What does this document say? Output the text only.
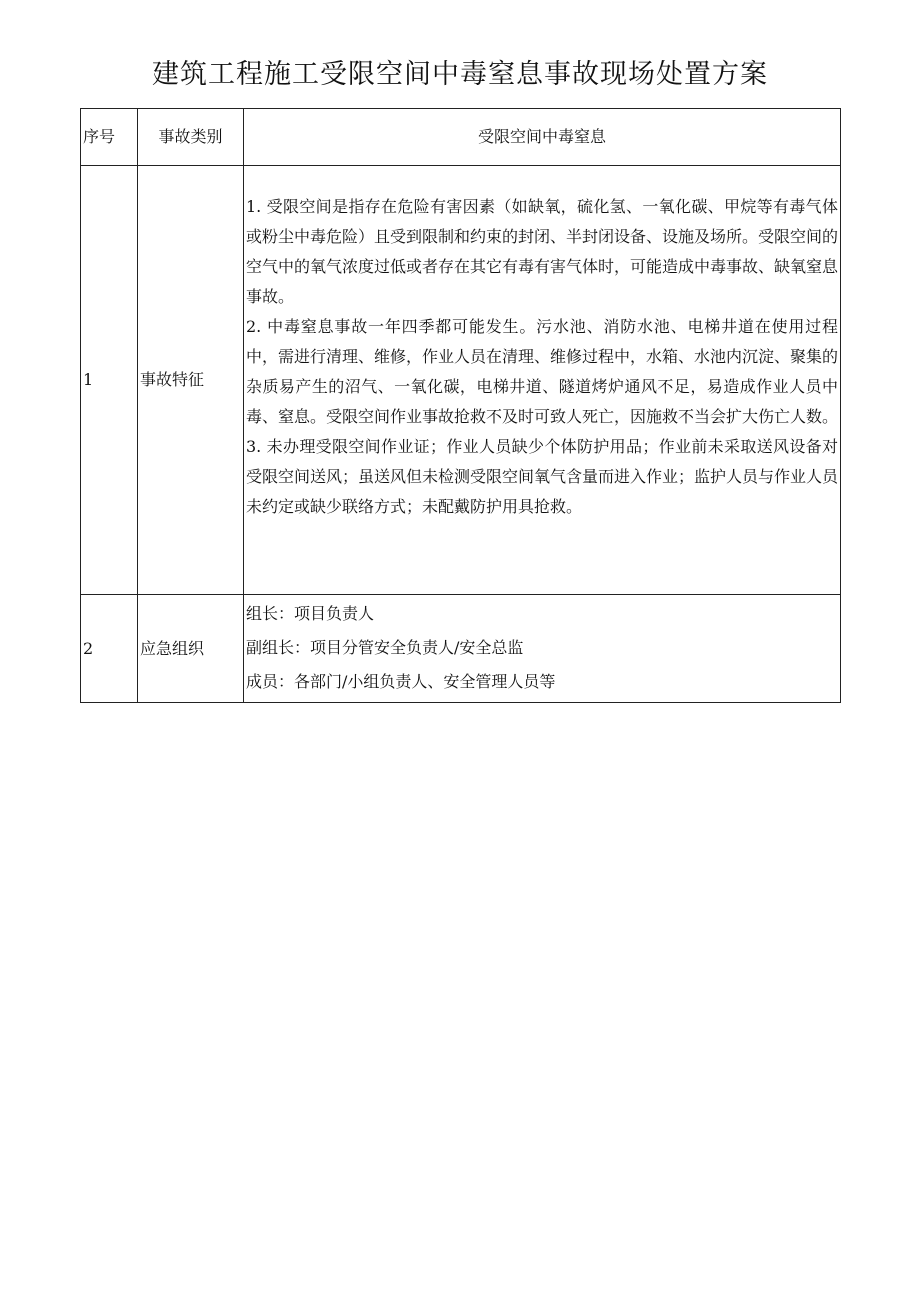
建筑工程施工受限空间中毒窒息事故现场处置方案
序号	事故类别	受限空间中毒窒息
1	事故特征	1. 受限空间是指存在危险有害因素（如缺氧，硫化氢、一氧化碳、甲烷等有毒气体或粉尘中毒危险）且受到限制和约束的封闭、半封闭设备、设施及场所。受限空间的空气中的氧气浓度过低或者存在其它有毒有害气体时，可能造成中毒事故、缺氧窒息事故。

2. 中毒窒息事故一年四季都可能发生。污水池、消防水池、电梯井道在使用过程中，需进行清理、维修，作业人员在清理、维修过程中，水箱、水池内沉淀、聚集的杂质易产生的沼气、一氧化碳，电梯井道、隧道烤炉通风不足，易造成作业人员中毒、窒息。受限空间作业事故抢救不及时可致人死亡，因施救不当会扩大伤亡人数。

3. 未办理受限空间作业证；作业人员缺少个体防护用品；作业前未采取送风设备对受限空间送风；虽送风但未检测受限空间氧气含量而进入作业；监护人员与作业人员未约定或缺少联络方式；未配戴防护用具抢救。

2	应急组织	组长：项目负责人

副组长：项目分管安全负责人/安全总监

成员：各部门/小组负责人、安全管理人员等
